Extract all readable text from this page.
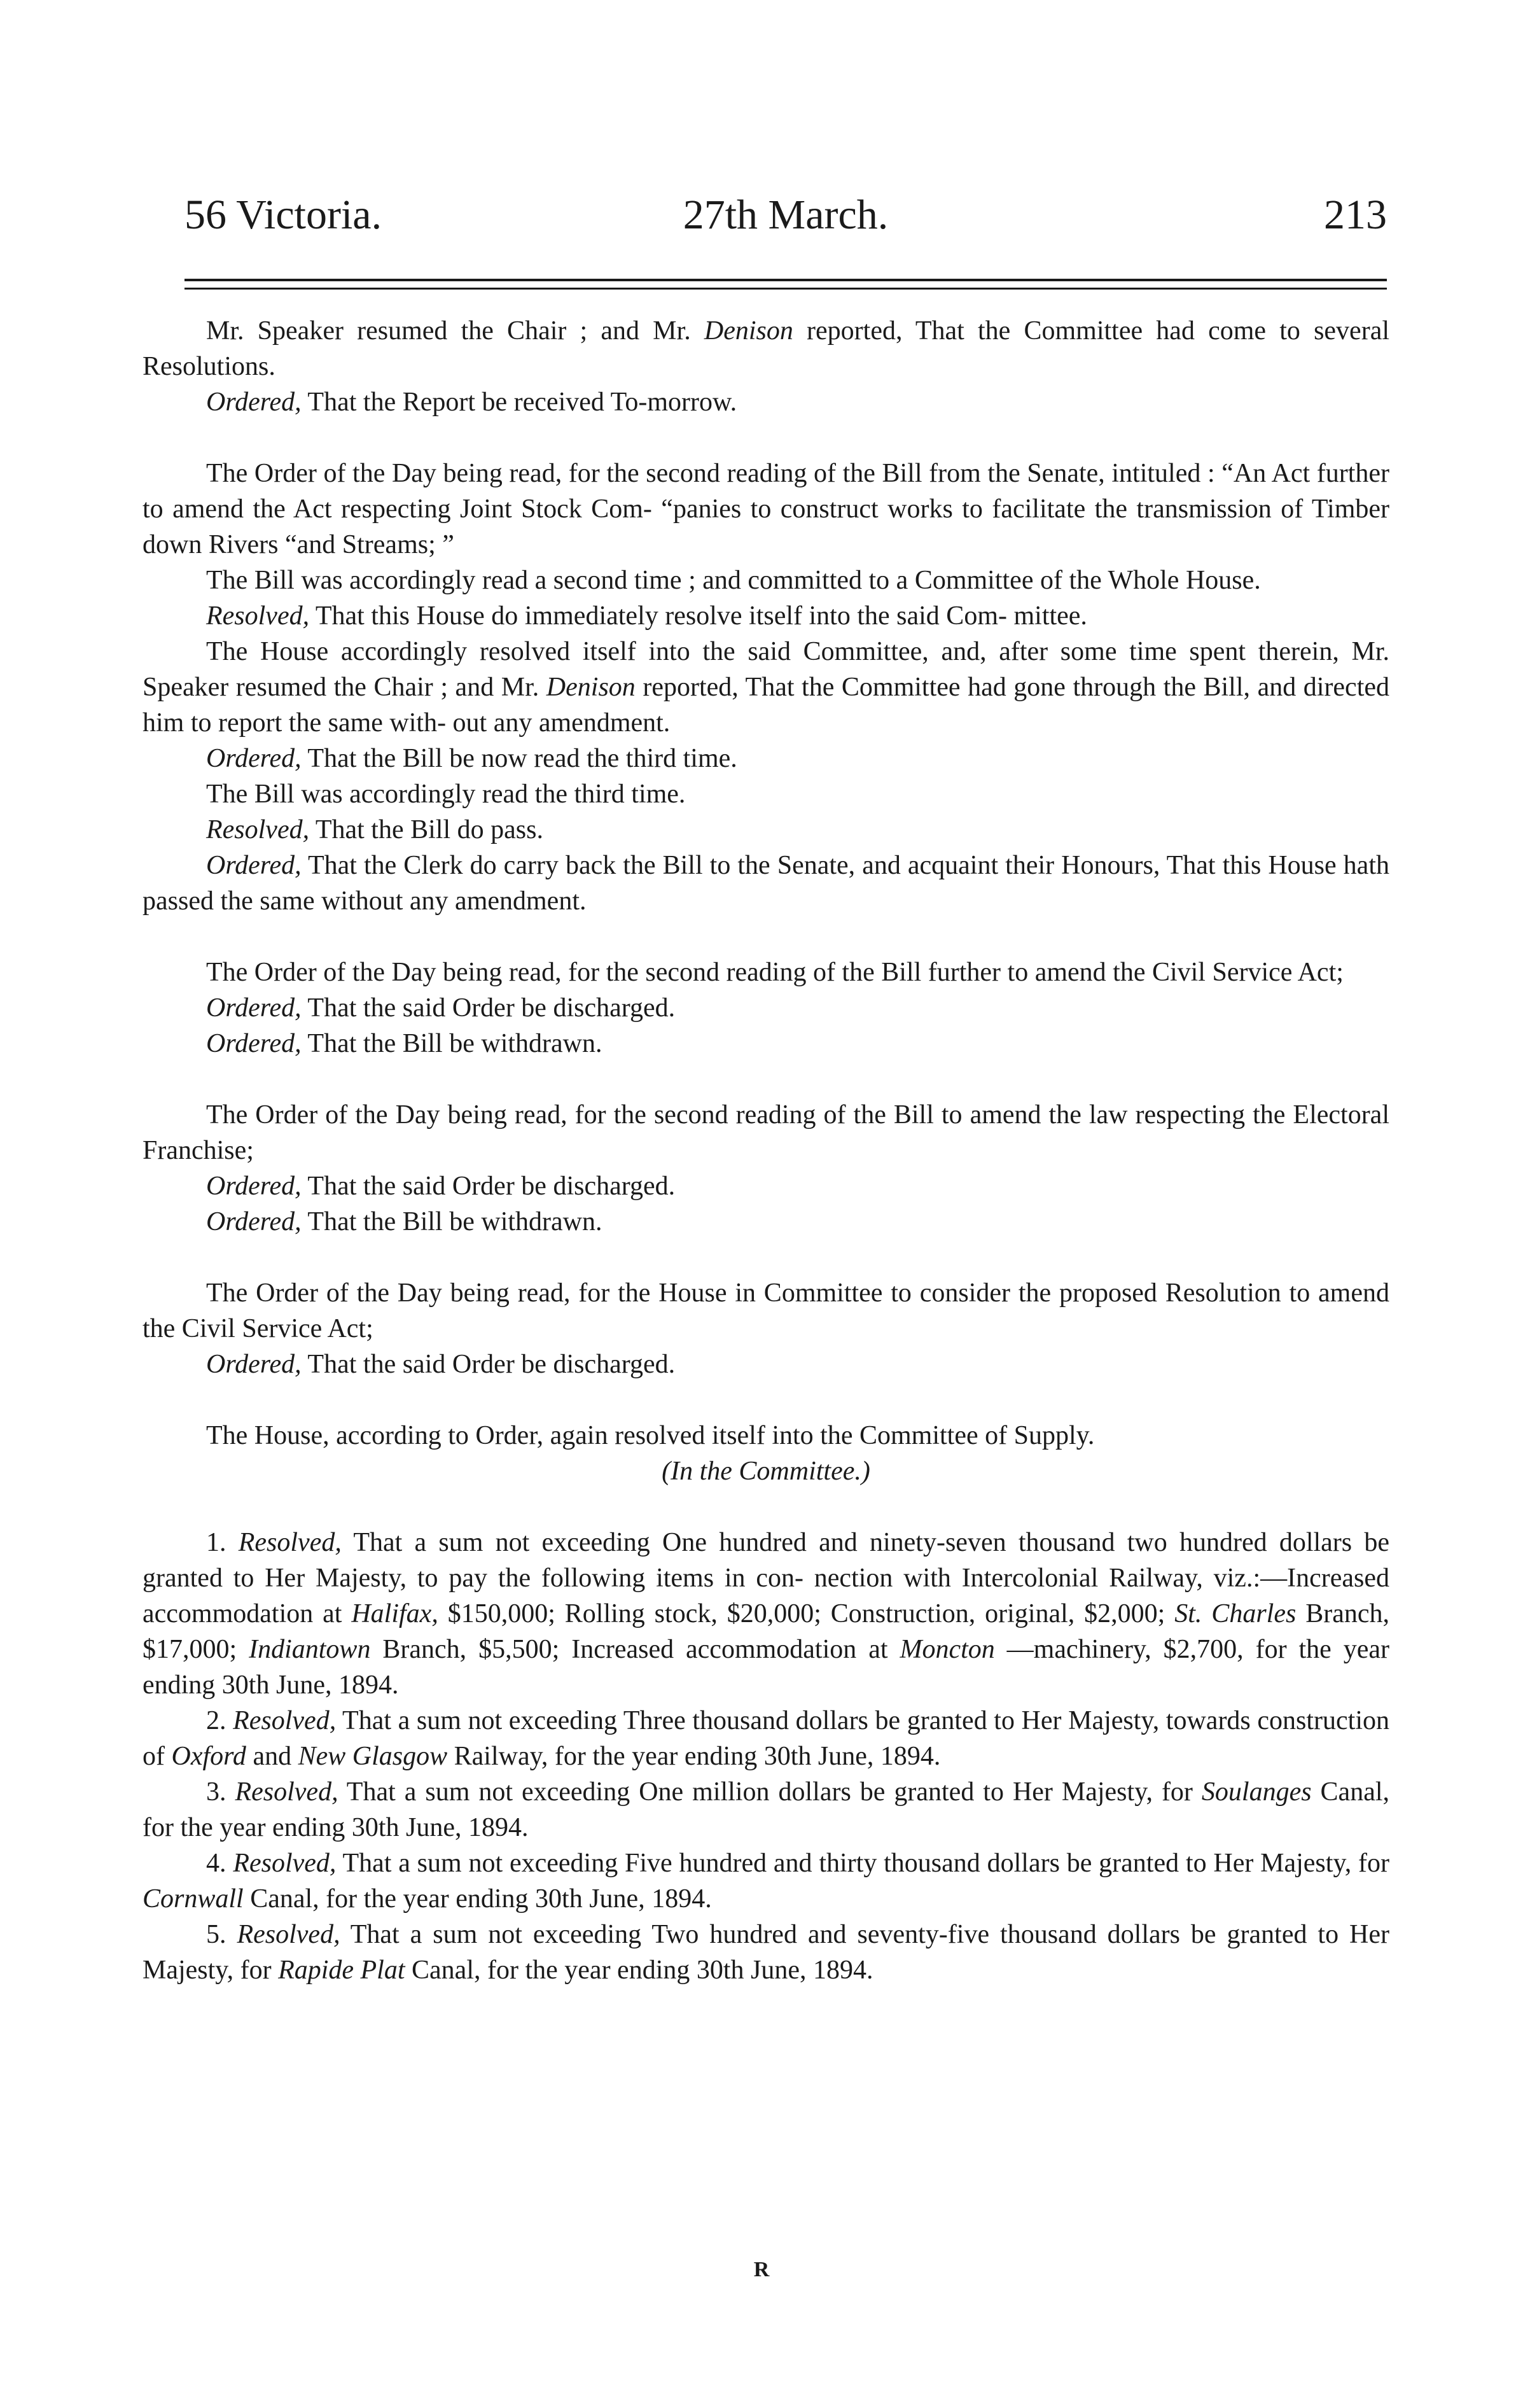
56 Victoria.	27th March.	213

Mr. Speaker resumed the Chair ; and Mr. Denison reported, That the Committee had come to several Resolutions.

Ordered, That the Report be received To-morrow.

The Order of the Day being read, for the second reading of the Bill from the Senate, intituled : “An Act further to amend the Act respecting Joint Stock Com- “panies to construct works to facilitate the transmission of Timber down Rivers “and Streams; ”

The Bill was accordingly read a second time ; and committed to a Committee of the Whole House.

Resolved, That this House do immediately resolve itself into the said Com- mittee.

The House accordingly resolved itself into the said Committee, and, after some time spent therein, Mr. Speaker resumed the Chair ; and Mr. Denison reported, That the Committee had gone through the Bill, and directed him to report the same with- out any amendment.

Ordered, That the Bill be now read the third time.

The Bill was accordingly read the third time.

Resolved, That the Bill do pass.

Ordered, That the Clerk do carry back the Bill to the Senate, and acquaint their Honours, That this House hath passed the same without any amendment.

The Order of the Day being read, for the second reading of the Bill further to amend the Civil Service Act;

Ordered, That the said Order be discharged.

Ordered, That the Bill be withdrawn.

The Order of the Day being read, for the second reading of the Bill to amend the law respecting the Electoral Franchise;

Ordered, That the said Order be discharged.

Ordered, That the Bill be withdrawn.

The Order of the Day being read, for the House in Committee to consider the proposed Resolution to amend the Civil Service Act;

Ordered, That the said Order be discharged.

The House, according to Order, again resolved itself into the Committee of Supply.

(In the Committee.)

1. Resolved, That a sum not exceeding One hundred and ninety-seven thousand two hundred dollars be granted to Her Majesty, to pay the following items in con- nection with Intercolonial Railway, viz.:—Increased accommodation at Halifax, $150,000; Rolling stock, $20,000; Construction, original, $2,000; St. Charles Branch, $17,000; Indiantown Branch, $5,500; Increased accommodation at Moncton —machinery, $2,700, for the year ending 30th June, 1894.

2. Resolved, That a sum not exceeding Three thousand dollars be granted to Her Majesty, towards construction of Oxford and New Glasgow Railway, for the year ending 30th June, 1894.

3. Resolved, That a sum not exceeding One million dollars be granted to Her Majesty, for Soulanges Canal, for the year ending 30th June, 1894.

4. Resolved, That a sum not exceeding Five hundred and thirty thousand dollars be granted to Her Majesty, for Cornwall Canal, for the year ending 30th June, 1894.

5. Resolved, That a sum not exceeding Two hundred and seventy-five thousand dollars be granted to Her Majesty, for Rapide Plat Canal, for the year ending 30th June, 1894.

R
